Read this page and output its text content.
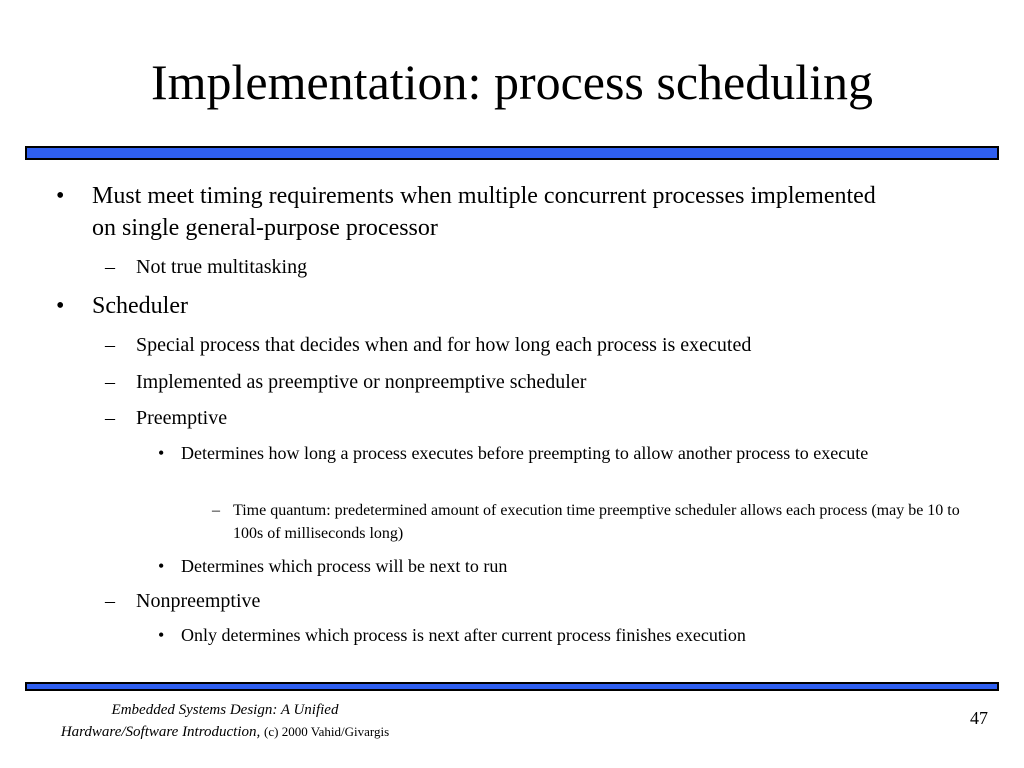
Implementation: process scheduling
• Must meet timing requirements when multiple concurrent processes implemented on single general-purpose processor
– Not true multitasking
• Scheduler
– Special process that decides when and for how long each process is executed
– Implemented as preemptive or nonpreemptive scheduler
– Preemptive
• Determines how long a process executes before preempting to allow another process to execute
– Time quantum: predetermined amount of execution time preemptive scheduler allows each process (may be 10 to 100s of milliseconds long)
• Determines which process will be next to run
– Nonpreemptive
• Only determines which process is next after current process finishes execution
Embedded Systems Design: A Unified
Hardware/Software Introduction, (c) 2000 Vahid/Givargis
47
